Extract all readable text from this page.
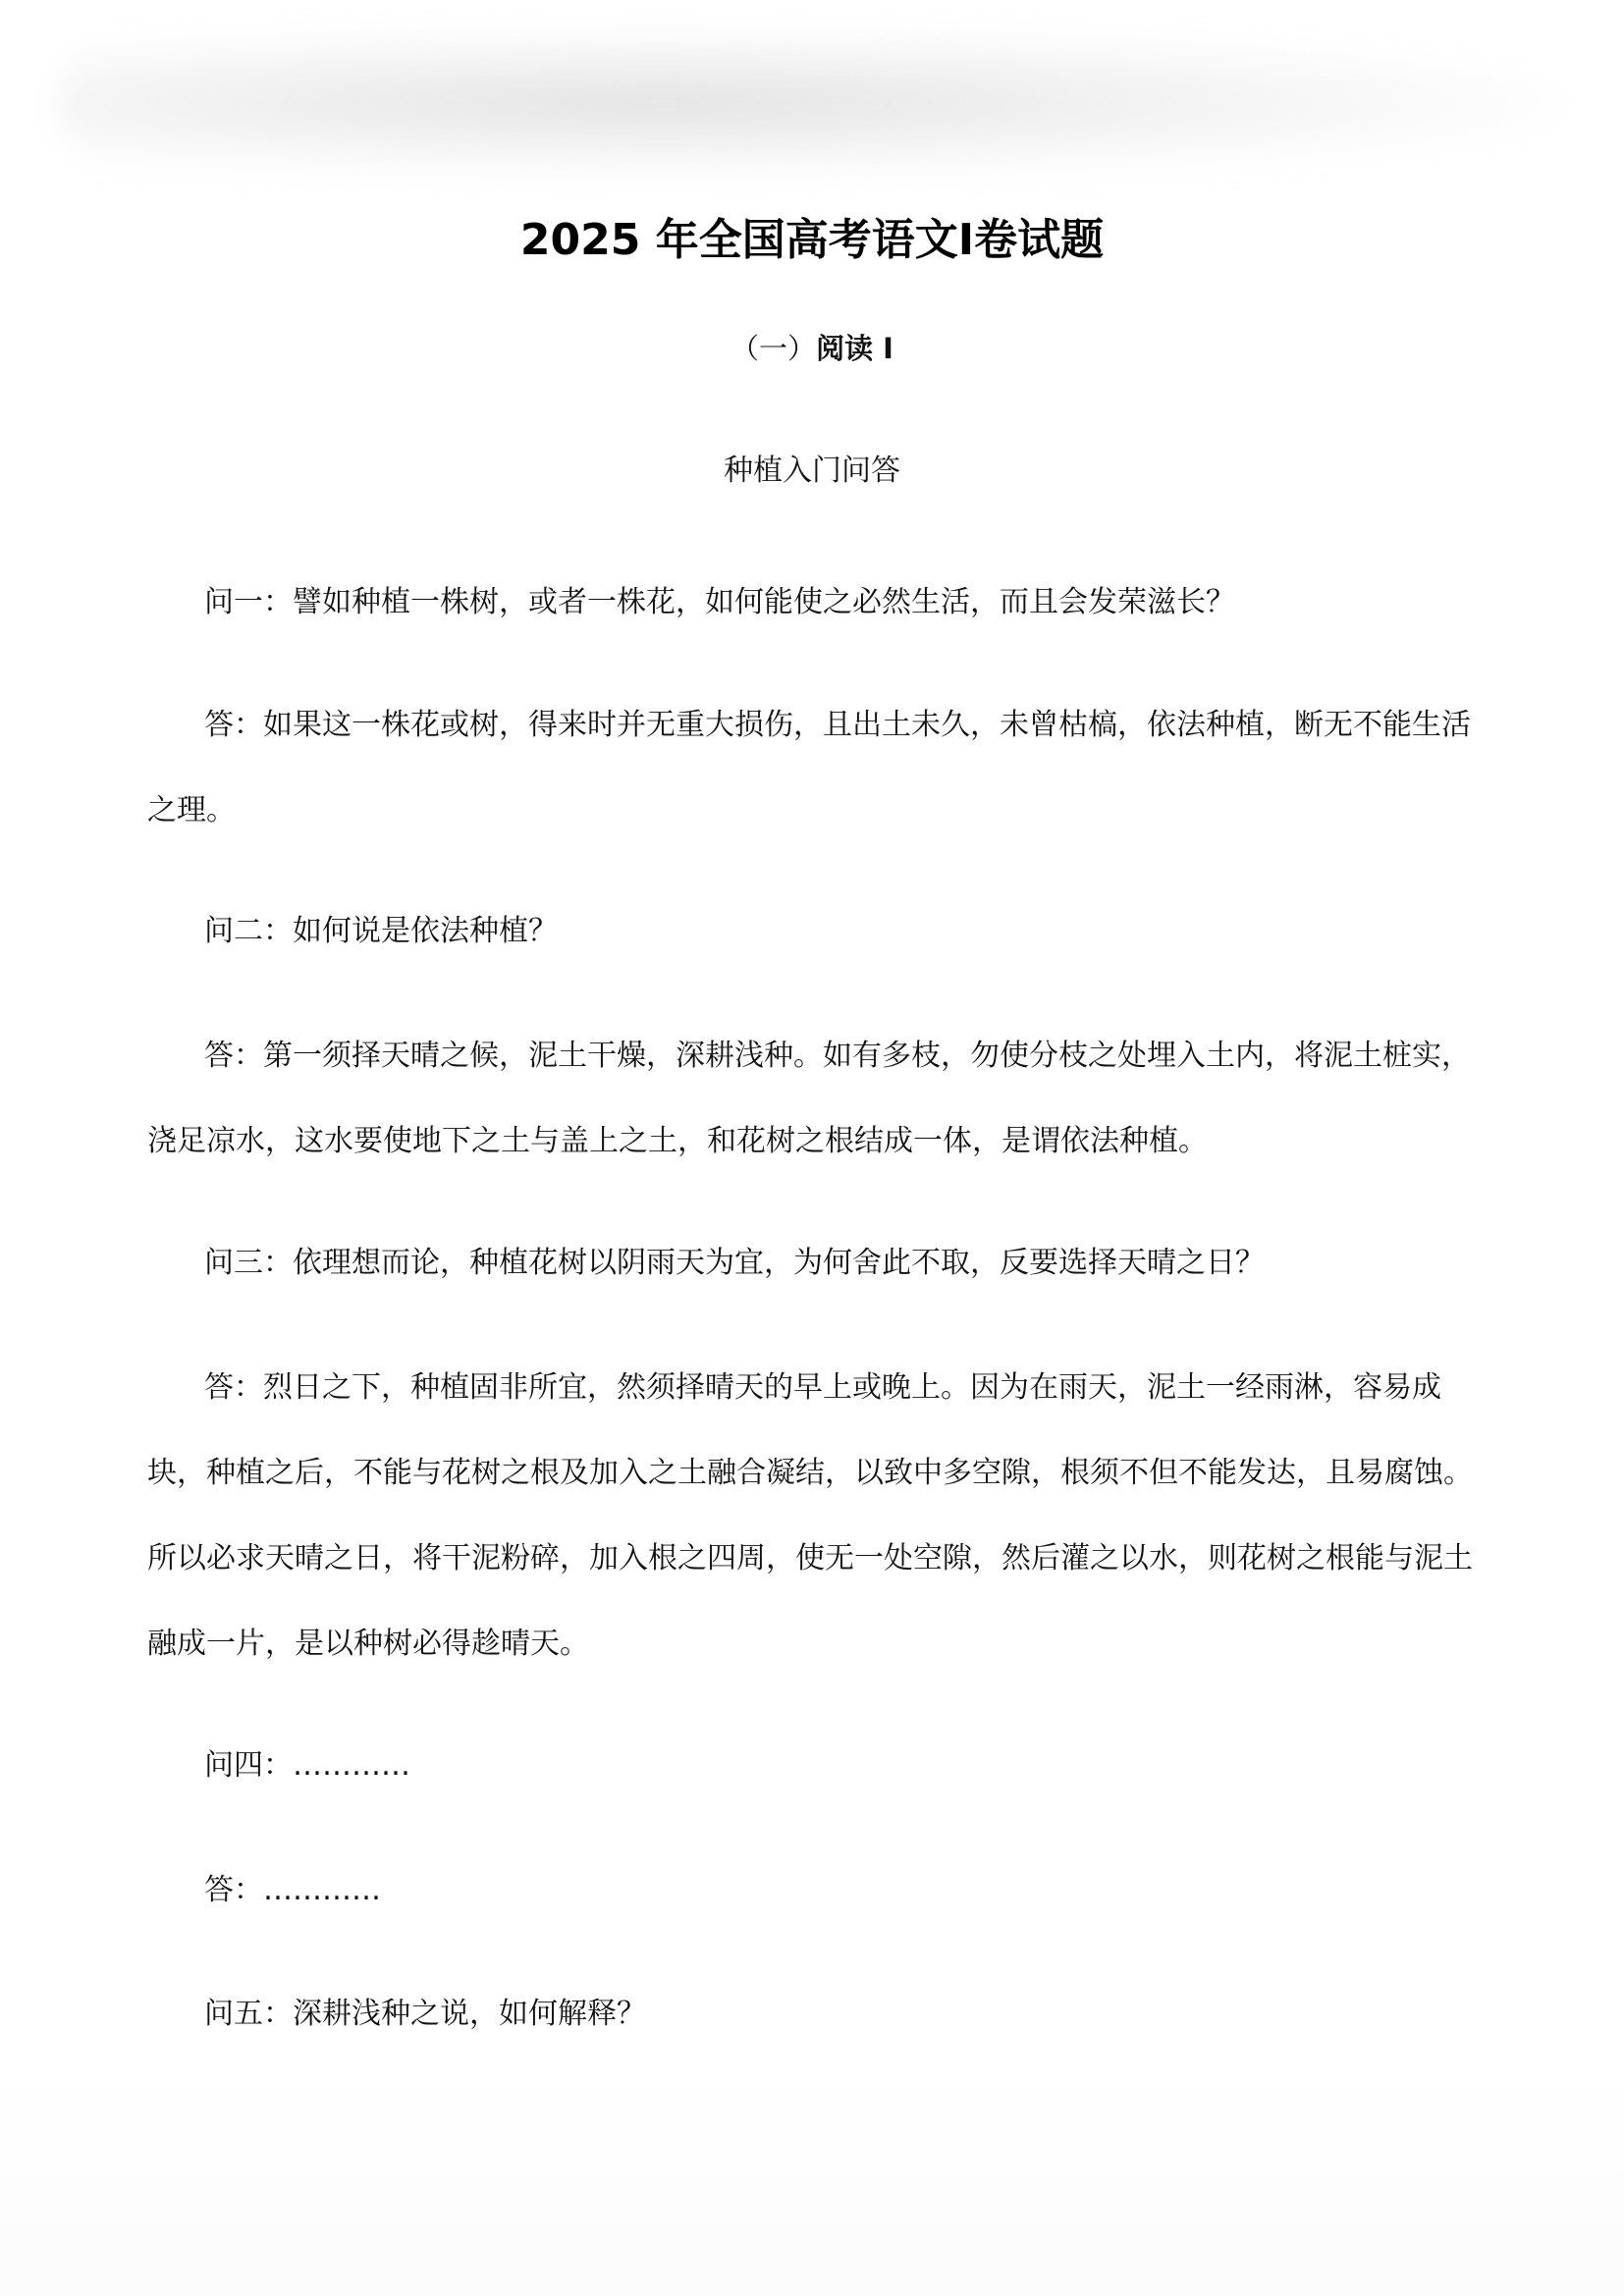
2025 年全国高考语文Ⅰ卷试题
（一）阅读 I
种植入门问答

问一：譬如种植一株树，或者一株花，如何能使之必然生活，而且会发荣滋长？

答：如果这一株花或树，得来时并无重大损伤，且出土未久，未曾枯槁，依法种植，断无不能生活之理。

问二：如何说是依法种植？

答：第一须择天晴之候，泥土干燥，深耕浅种。如有多枝，勿使分枝之处埋入土内，将泥土桩实，浇足凉水，这水要使地下之土与盖上之土，和花树之根结成一体，是谓依法种植。

问三：依理想而论，种植花树以阴雨天为宜，为何舍此不取，反要选择天晴之日？

答：烈日之下，种植固非所宜，然须择晴天的早上或晚上。因为在雨天，泥土一经雨淋，容易成块，种植之后，不能与花树之根及加入之土融合凝结，以致中多空隙，根须不但不能发达，且易腐蚀。所以必求天晴之日，将干泥粉碎，加入根之四周，使无一处空隙，然后灌之以水，则花树之根能与泥土融成一片，是以种树必得趁晴天。

问四：…………

答：…………

问五：深耕浅种之说，如何解释？
